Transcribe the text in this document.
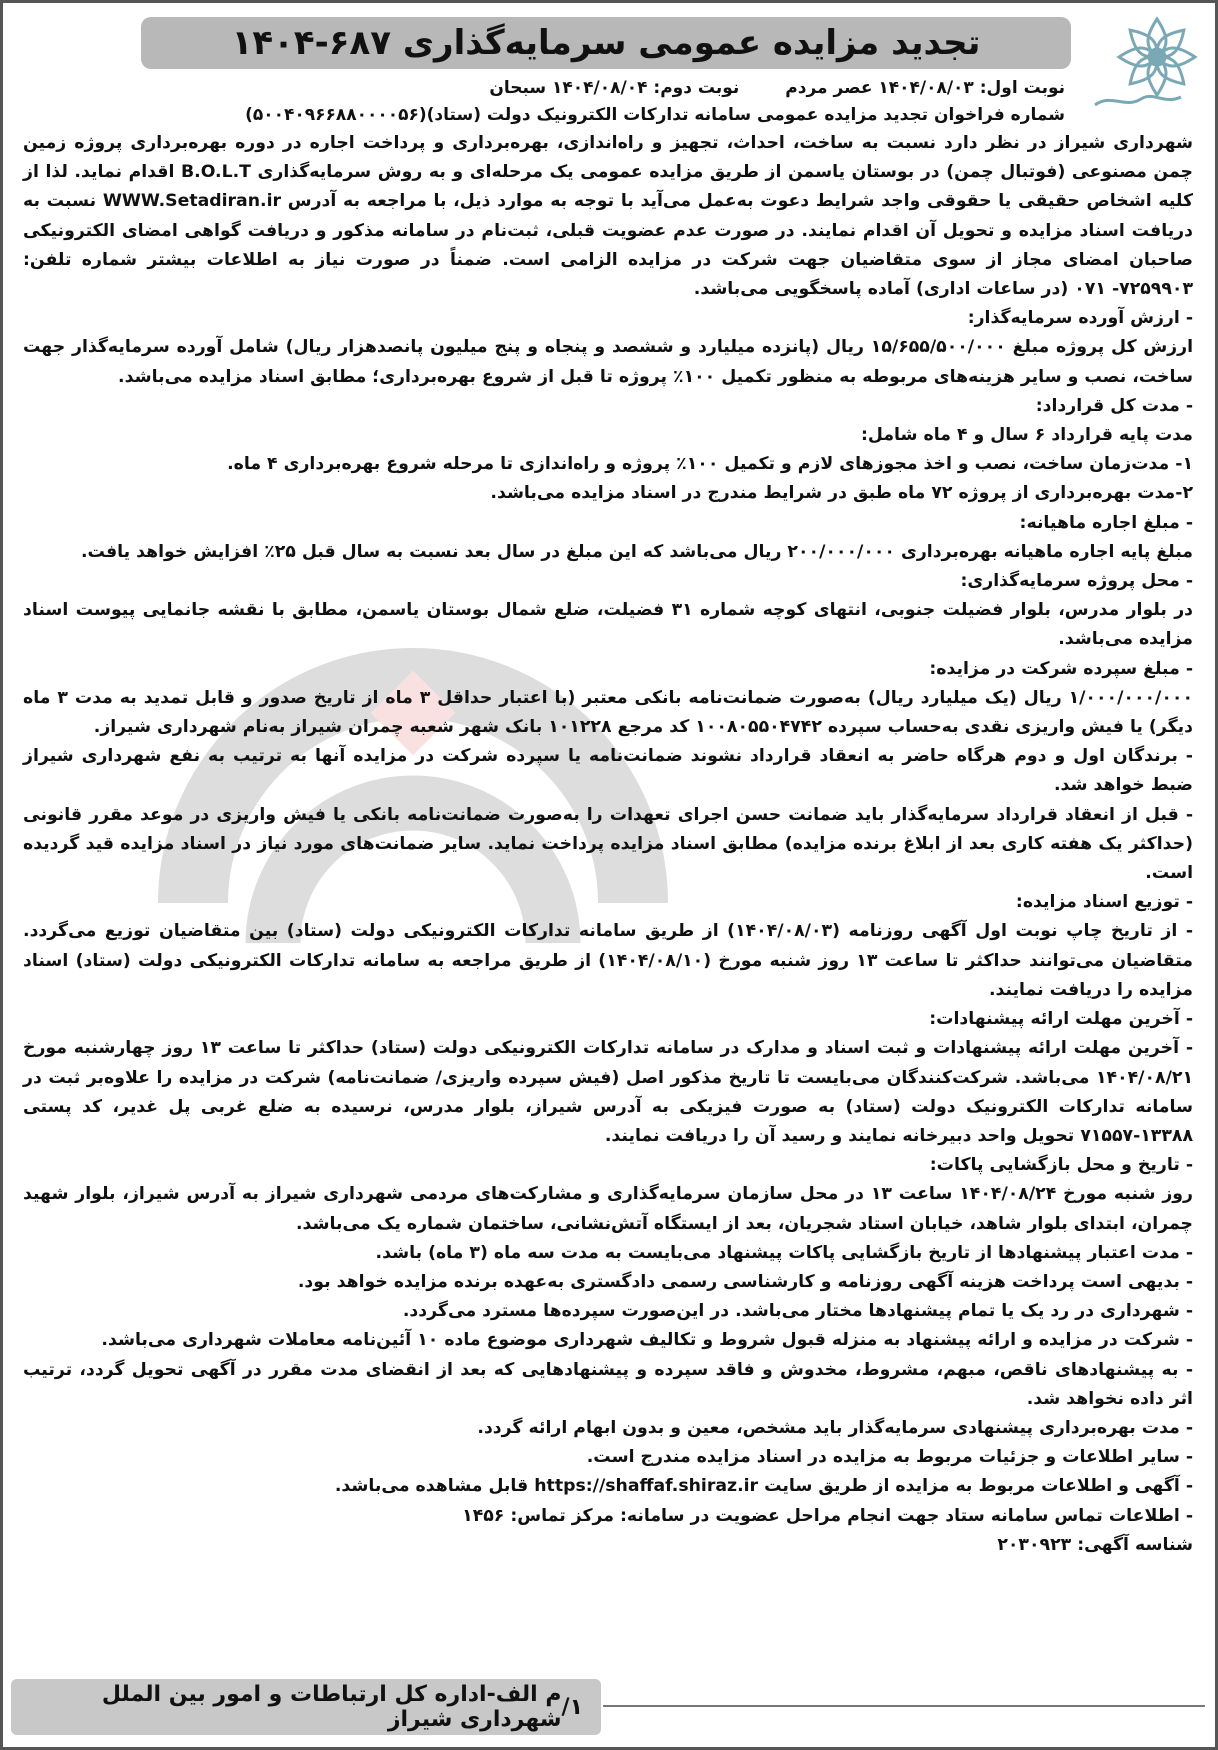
تجدید مزایده عمومی سرمایه‌گذاری ۶۸۷-۱۴۰۴
نوبت اول: ۱۴۰۴/۰۸/۰۳ عصر مردم
نوبت دوم: ۱۴۰۴/۰۸/۰۴ سبحان
شماره فراخوان تجدید مزایده عمومی سامانه تدارکات الکترونیک دولت (ستاد)(۵۰۰۴۰۹۶۶۸۸۰۰۰۰۵۶)

شهرداری شیراز در نظر دارد نسبت به ساخت، احداث، تجهیز و راه‌اندازی، بهره‌برداری و پرداخت اجاره در دوره بهره‌برداری پروژه زمین چمن مصنوعی (فوتبال چمن) در بوستان یاسمن از طریق مزایده عمومی یک مرحله‌ای و به روش سرمایه‌گذاری B.O.L.T اقدام نماید. لذا از کلیه اشخاص حقیقی یا حقوقی واجد شرایط دعوت به‌عمل می‌آید با توجه به موارد ذیل، با مراجعه به آدرس WWW.Setadiran.ir نسبت به دریافت اسناد مزایده و تحویل آن اقدام نمایند. در صورت عدم عضویت قبلی، ثبت‌نام در سامانه مذکور و دریافت گواهی امضای الکترونیکی صاحبان امضای مجاز از سوی متقاضیان جهت شرکت در مزایده الزامی است. ضمناً در صورت نیاز به اطلاعات بیشتر شماره تلفن: ۷۲۵۹۹۰۳- ۰۷۱ (در ساعات اداری) آماده پاسخگویی می‌باشد.

- ارزش آورده سرمایه‌گذار:

ارزش کل پروژه مبلغ ۱۵/۶۵۵/۵۰۰/۰۰۰ ریال (پانزده میلیارد و ششصد و پنجاه و پنج میلیون پانصدهزار ریال) شامل آورده سرمایه‌گذار جهت ساخت، نصب و سایر هزینه‌های مربوطه به منظور تکمیل ۱۰۰٪ پروژه تا قبل از شروع بهره‌برداری؛ مطابق اسناد مزایده می‌باشد.

- مدت کل قرارداد:

مدت پایه قرارداد ۶ سال و ۴ ماه شامل:

۱- مدت‌زمان ساخت، نصب و اخذ مجوزهای لازم و تکمیل ۱۰۰٪ پروژه و راه‌اندازی تا مرحله شروع بهره‌برداری ۴ ماه.

۲-مدت بهره‌برداری از پروژه ۷۲ ماه طبق در شرایط مندرج در اسناد مزایده می‌باشد.

- مبلغ اجاره ماهیانه:

مبلغ پایه اجاره ماهیانه بهره‌برداری ۲۰۰/۰۰۰/۰۰۰ ریال می‌باشد که این مبلغ در سال بعد نسبت به سال قبل ۲۵٪ افزایش خواهد یافت.

- محل پروژه سرمایه‌گذاری:

در بلوار مدرس، بلوار فضیلت جنوبی، انتهای کوچه شماره ۳۱ فضیلت، ضلع شمال بوستان یاسمن، مطابق با نقشه جانمایی پیوست اسناد مزایده می‌باشد.

- مبلغ سپرده شرکت در مزایده:

۱/۰۰۰/۰۰۰/۰۰۰ ریال (یک میلیارد ریال) به‌صورت ضمانت‌نامه بانکی معتبر (با اعتبار حداقل ۳ ماه از تاریخ صدور و قابل تمدید به مدت ۳ ماه دیگر) یا فیش واریزی نقدی به‌حساب سپرده ۱۰۰۸۰۵۵۰۴۷۴۲ کد مرجع ۱۰۱۲۲۸ بانک شهر شعبه چمران شیراز به‌نام شهرداری شیراز.

- برندگان اول و دوم هرگاه حاضر به انعقاد قرارداد نشوند ضمانت‌نامه یا سپرده شرکت در مزایده آنها به ترتیب به نفع شهرداری شیراز ضبط خواهد شد.

- قبل از انعقاد قرارداد سرمایه‌گذار باید ضمانت حسن اجرای تعهدات را به‌صورت ضمانت‌نامه بانکی یا فیش واریزی در موعد مقرر قانونی (حداکثر یک هفته کاری بعد از ابلاغ برنده مزایده) مطابق اسناد مزایده پرداخت نماید. سایر ضمانت‌های مورد نیاز در اسناد مزایده قید گردیده است.

- توزیع اسناد مزایده:

- از تاریخ چاپ نوبت اول آگهی روزنامه (۱۴۰۴/۰۸/۰۳) از طریق سامانه تدارکات الکترونیکی دولت (ستاد) بین متقاضیان توزیع می‌گردد. متقاضیان می‌توانند حداکثر تا ساعت ۱۳ روز شنبه مورخ (۱۴۰۴/۰۸/۱۰) از طریق مراجعه به سامانه تدارکات الکترونیکی دولت (ستاد) اسناد مزایده را دریافت نمایند.

- آخرین مهلت ارائه پیشنهادات:

- آخرین مهلت ارائه پیشنهادات و ثبت اسناد و مدارک در سامانه تدارکات الکترونیکی دولت (ستاد) حداکثر تا ساعت ۱۳ روز چهارشنبه مورخ ۱۴۰۴/۰۸/۲۱ می‌باشد. شرکت‌کنندگان می‌بایست تا تاریخ مذکور اصل (فیش سپرده واریزی/ ضمانت‌نامه) شرکت در مزایده را علاوه‌بر ثبت در سامانه تدارکات الکترونیک دولت (ستاد) به صورت فیزیکی به آدرس شیراز، بلوار مدرس، نرسیده به ضلع غربی پل غدیر، کد پستی ۱۳۳۸۸-۷۱۵۵۷ تحویل واحد دبیرخانه نمایند و رسید آن را دریافت نمایند.

- تاریخ و محل بازگشایی پاکات:

روز شنبه مورخ ۱۴۰۴/۰۸/۲۴ ساعت ۱۳ در محل سازمان سرمایه‌گذاری و مشارکت‌های مردمی شهرداری شیراز به آدرس شیراز، بلوار شهید چمران، ابتدای بلوار شاهد، خیابان استاد شجریان، بعد از ایستگاه آتش‌نشانی، ساختمان شماره یک می‌باشد.

- مدت اعتبار پیشنهادها از تاریخ بازگشایی پاکات پیشنهاد می‌بایست به مدت سه ماه (۳ ماه) باشد.

- بدیهی است پرداخت هزینه آگهی روزنامه و کارشناسی رسمی دادگستری به‌عهده برنده مزایده خواهد بود.

- شهرداری در رد یک یا تمام پیشنهادها مختار می‌باشد. در این‌صورت سپرده‌ها مسترد می‌گردد.

- شرکت در مزایده و ارائه پیشنهاد به منزله قبول شروط و تکالیف شهرداری موضوع ماده ۱۰ آئین‌نامه معاملات شهرداری می‌باشد.

- به پیشنهادهای ناقص، مبهم، مشروط، مخدوش و فاقد سپرده و پیشنهادهایی که بعد از انقضای مدت مقرر در آگهی تحویل گردد، ترتیب اثر داده نخواهد شد.

- مدت بهره‌برداری پیشنهادی سرمایه‌گذار باید مشخص، معین و بدون ابهام ارائه گردد.

- سایر اطلاعات و جزئیات مربوط به مزایده در اسناد مزایده مندرج است.

- آگهی و اطلاعات مربوط به مزایده از طریق سایت https://shaffaf.shiraz.ir قابل مشاهده می‌باشد.

- اطلاعات تماس سامانه ستاد جهت انجام مراحل عضویت در سامانه: مرکز تماس: ۱۴۵۶

شناسه آگهی: ۲۰۳۰۹۲۳

۱/
م الف-اداره کل ارتباطات و امور بین الملل شهرداری شیراز
